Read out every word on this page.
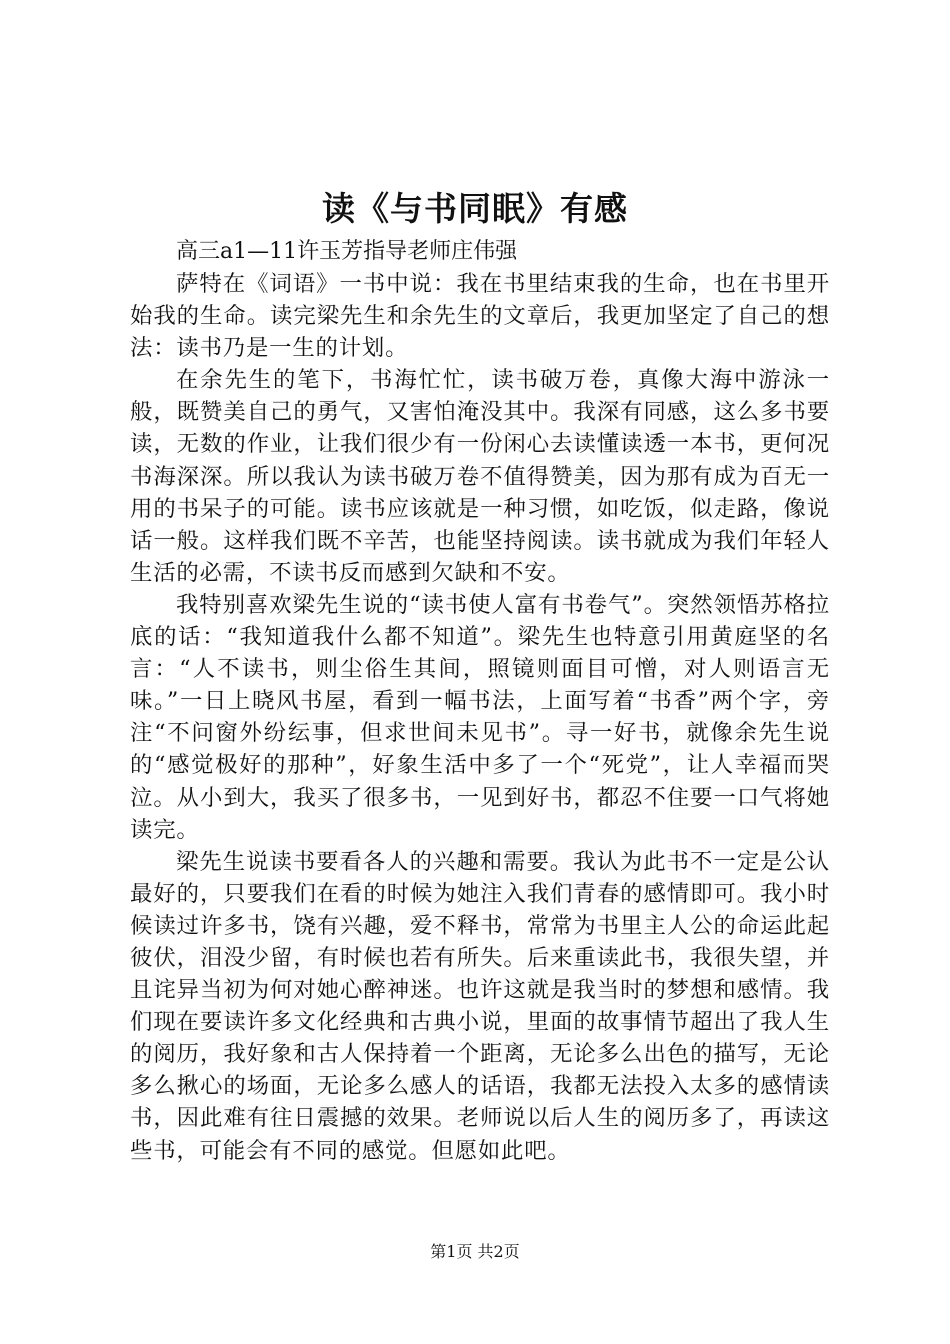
读《与书同眠》有感

高三a1—11许玉芳指导老师庄伟强

萨特在《词语》一书中说：我在书里结束我的生命，也在书里开始我的生命。读完梁先生和余先生的文章后，我更加坚定了自己的想法：读书乃是一生的计划。

在余先生的笔下，书海忙忙，读书破万卷，真像大海中游泳一般，既赞美自己的勇气，又害怕淹没其中。我深有同感，这么多书要读，无数的作业，让我们很少有一份闲心去读懂读透一本书，更何况书海深深。所以我认为读书破万卷不值得赞美，因为那有成为百无一用的书呆子的可能。读书应该就是一种习惯，如吃饭，似走路，像说话一般。这样我们既不辛苦，也能坚持阅读。读书就成为我们年轻人生活的必需，不读书反而感到欠缺和不安。

我特别喜欢梁先生说的“读书使人富有书卷气”。突然领悟苏格拉底的话：“我知道我什么都不知道”。梁先生也特意引用黄庭坚的名言：“人不读书，则尘俗生其间，照镜则面目可憎，对人则语言无味。”一日上晓风书屋，看到一幅书法，上面写着“书香”两个字，旁注“不问窗外纷纭事，但求世间未见书”。寻一好书，就像余先生说的“感觉极好的那种”，好象生活中多了一个“死党”，让人幸福而哭泣。从小到大，我买了很多书，一见到好书，都忍不住要一口气将她读完。

梁先生说读书要看各人的兴趣和需要。我认为此书不一定是公认最好的，只要我们在看的时候为她注入我们青春的感情即可。我小时候读过许多书，饶有兴趣，爱不释书，常常为书里主人公的命运此起彼伏，泪没少留，有时候也若有所失。后来重读此书，我很失望，并且诧异当初为何对她心醉神迷。也许这就是我当时的梦想和感情。我们现在要读许多文化经典和古典小说，里面的故事情节超出了我人生的阅历，我好象和古人保持着一个距离，无论多么出色的描写，无论多么揪心的场面，无论多么感人的话语，我都无法投入太多的感情读书，因此难有往日震撼的效果。老师说以后人生的阅历多了，再读这些书，可能会有不同的感觉。但愿如此吧。

第1页 共2页
